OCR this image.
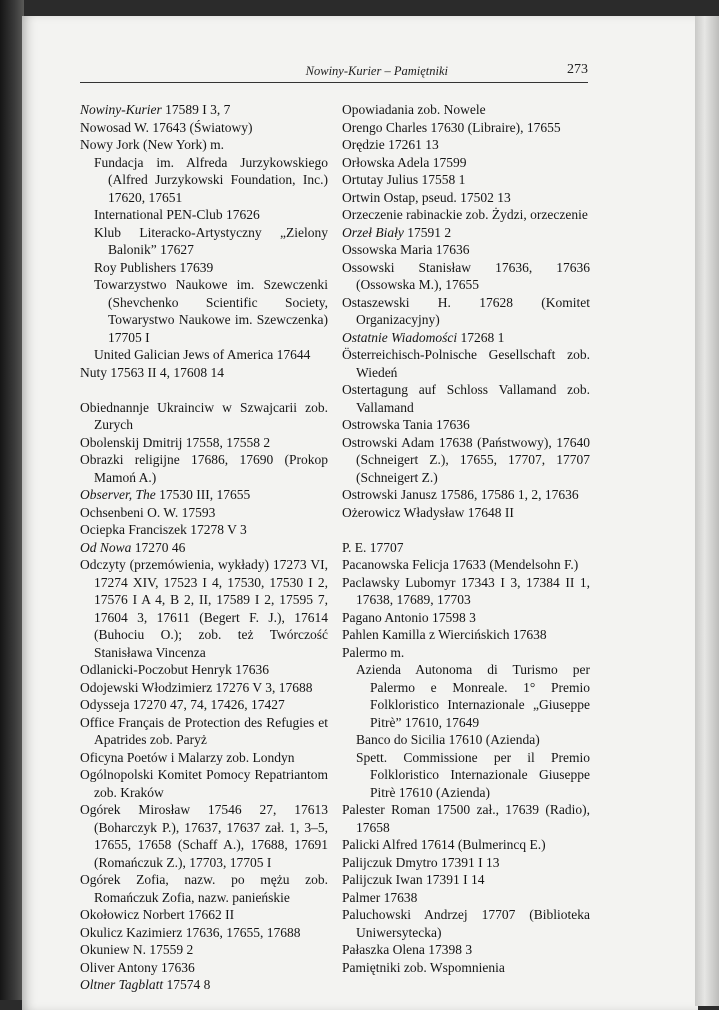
Nowiny-Kurier – Pamiętniki	273
Nowiny-Kurier 17589 I 3, 7
Nowosad W. 17643 (Światowy)
Nowy Jork (New York) m.
Fundacja im. Alfreda Jurzykowskiego (Alfred Jurzykowski Foundation, Inc.) 17620, 17651
International PEN-Club 17626
Klub Literacko-Artystyczny „Zielony Balonik” 17627
Roy Publishers 17639
Towarzystwo Naukowe im. Szewczenki (Shevchenko Scientific Society, Towarystwo Naukowe im. Szewczenka) 17705 I
United Galician Jews of America 17644
Nuty 17563 II 4, 17608 14
Obiednannje Ukrainciw w Szwajcarii zob. Zurych
Obolenskij Dmitrij 17558, 17558 2
Obrazki religijne 17686, 17690 (Prokop Mamoń A.)
Observer, The 17530 III, 17655
Ochsenbeni O. W. 17593
Ociepka Franciszek 17278 V 3
Od Nowa 17270 46
Odczyty (przemówienia, wykłady) 17273 VI, 17274 XIV, 17523 I 4, 17530, 17530 I 2, 17576 I A 4, B 2, II, 17589 I 2, 17595 7, 17604 3, 17611 (Begert F. J.), 17614 (Buhociu O.); zob. też Twórczość Stanisława Vincenza
Odlanicki-Poczobut Henryk 17636
Odojewski Włodzimierz 17276 V 3, 17688
Odysseja 17270 47, 74, 17426, 17427
Office Français de Protection des Refugies et Apatrides zob. Paryż
Oficyna Poetów i Malarzy zob. Londyn
Ogólnopolski Komitet Pomocy Repatriantom zob. Kraków
Ogórek Mirosław 17546 27, 17613 (Boharczyk P.), 17637, 17637 zał. 1, 3–5, 17655, 17658 (Schaff A.), 17688, 17691 (Romańczuk Z.), 17703, 17705 I
Ogórek Zofia, nazw. po mężu zob. Romańczuk Zofia, nazw. panieńskie
Okołowicz Norbert 17662 II
Okulicz Kazimierz 17636, 17655, 17688
Okuniew N. 17559 2
Oliver Antony 17636
Oltner Tagblatt 17574 8
Opowiadania zob. Nowele
Orengo Charles 17630 (Libraire), 17655
Orędzie 17261 13
Orłowska Adela 17599
Ortutay Julius 17558 1
Ortwin Ostap, pseud. 17502 13
Orzeczenie rabinackie zob. Żydzi, orzeczenie
Orzeł Biały 17591 2
Ossowska Maria 17636
Ossowski Stanisław 17636, 17636 (Ossowska M.), 17655
Ostaszewski H. 17628 (Komitet Organizacyjny)
Ostatnie Wiadomości 17268 1
Österreichisch-Polnische Gesellschaft zob. Wiedeń
Ostertagung auf Schloss Vallamand zob. Vallamand
Ostrowska Tania 17636
Ostrowski Adam 17638 (Państwowy), 17640 (Schneigert Z.), 17655, 17707, 17707 (Schneigert Z.)
Ostrowski Janusz 17586, 17586 1, 2, 17636
Ożerowicz Władysław 17648 II
P. E. 17707
Pacanowska Felicja 17633 (Mendelsohn F.)
Paclawsky Lubomyr 17343 I 3, 17384 II 1, 17638, 17689, 17703
Pagano Antonio 17598 3
Pahlen Kamilla z Wiercińskich 17638
Palermo m.
Azienda Autonoma di Turismo per Palermo e Monreale. 1° Premio Folkloristico Internazionale „Giuseppe Pitrè” 17610, 17649
Banco do Sicilia 17610 (Azienda)
Spett. Commissione per il Premio Folkloristico Internazionale Giuseppe Pitrè 17610 (Azienda)
Palester Roman 17500 zał., 17639 (Radio), 17658
Palicki Alfred 17614 (Bulmerincq E.)
Palijczuk Dmytro 17391 I 13
Palijczuk Iwan 17391 I 14
Palmer 17638
Paluchowski Andrzej 17707 (Biblioteka Uniwersytecka)
Pałaszka Olena 17398 3
Pamiętniki zob. Wspomnienia
